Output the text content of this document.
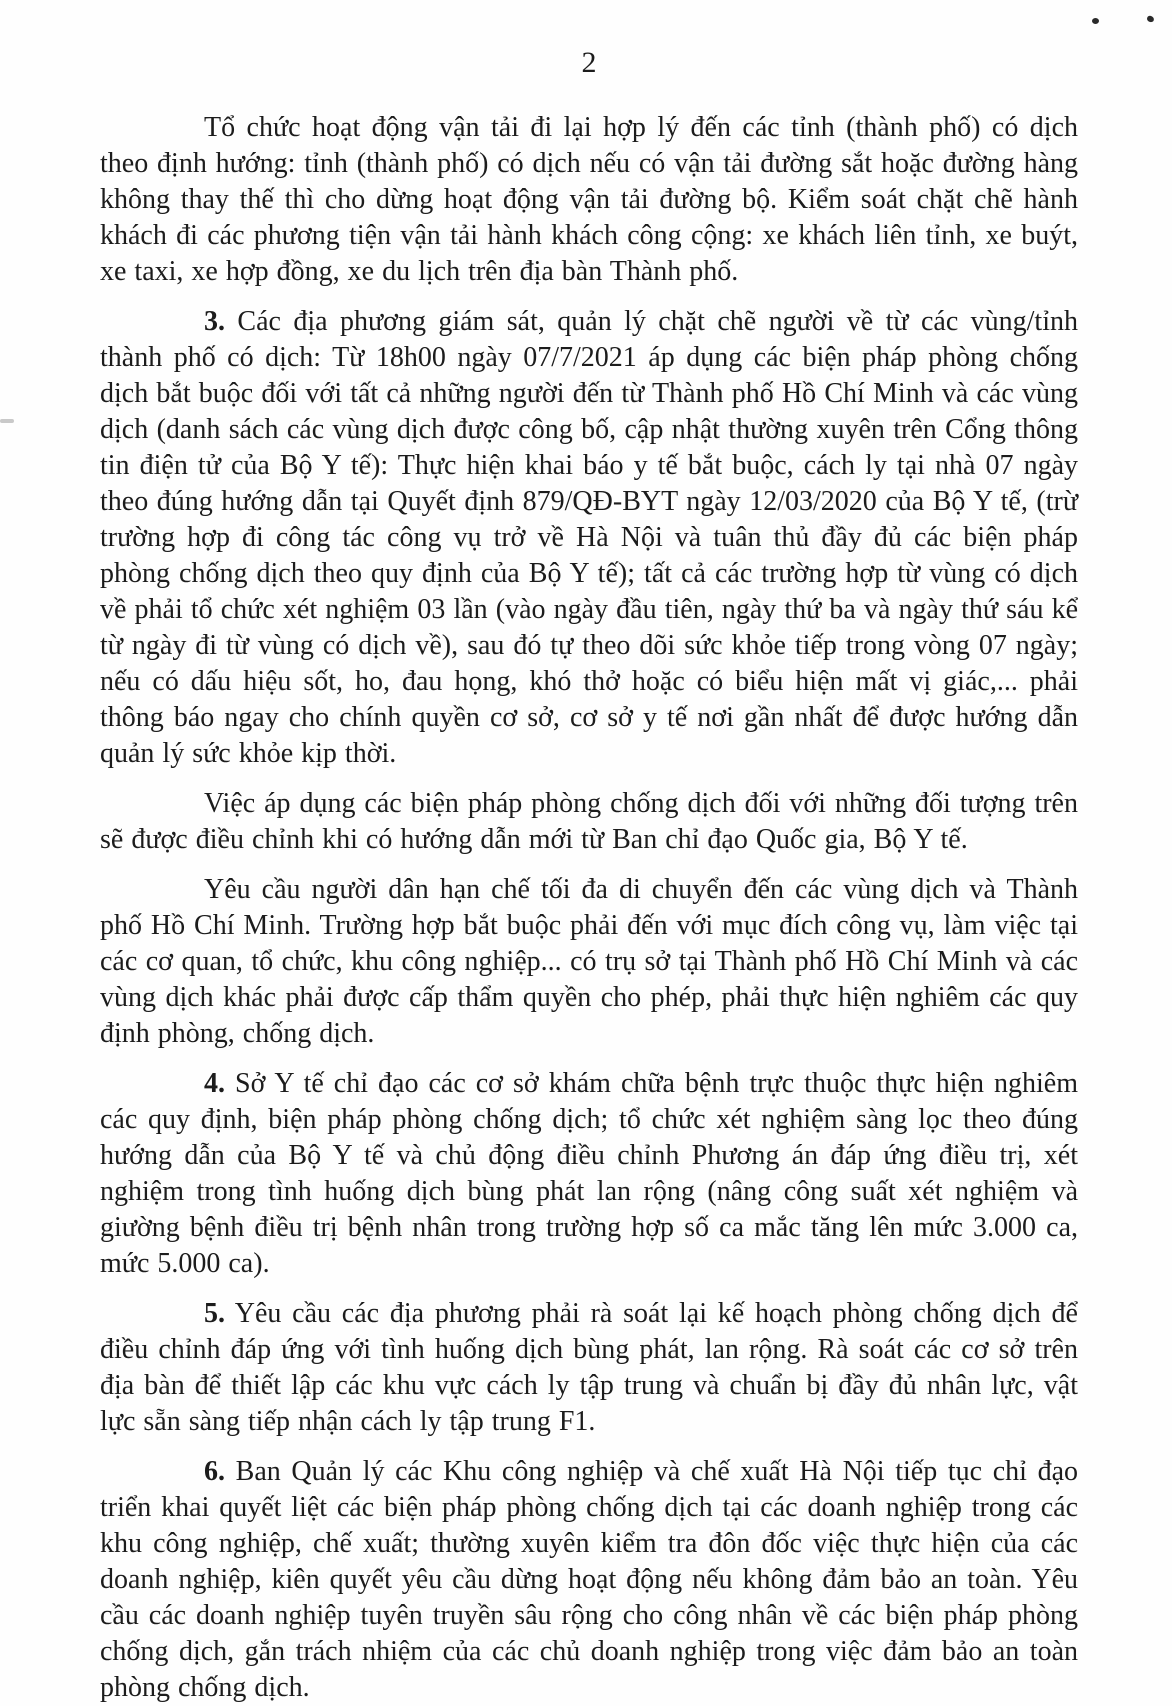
2

Tổ chức hoạt động vận tải đi lại hợp lý đến các tỉnh (thành phố) có dịch theo định hướng: tỉnh (thành phố) có dịch nếu có vận tải đường sắt hoặc đường hàng không thay thế thì cho dừng hoạt động vận tải đường bộ. Kiểm soát chặt chẽ hành khách đi các phương tiện vận tải hành khách công cộng: xe khách liên tỉnh, xe buýt, xe taxi, xe hợp đồng, xe du lịch trên địa bàn Thành phố.

3. Các địa phương giám sát, quản lý chặt chẽ người về từ các vùng/tỉnh thành phố có dịch: Từ 18h00 ngày 07/7/2021 áp dụng các biện pháp phòng chống dịch bắt buộc đối với tất cả những người đến từ Thành phố Hồ Chí Minh và các vùng dịch (danh sách các vùng dịch được công bố, cập nhật thường xuyên trên Cổng thông tin điện tử của Bộ Y tế): Thực hiện khai báo y tế bắt buộc, cách ly tại nhà 07 ngày theo đúng hướng dẫn tại Quyết định 879/QĐ-BYT ngày 12/03/2020 của Bộ Y tế, (trừ trường hợp đi công tác công vụ trở về Hà Nội và tuân thủ đầy đủ các biện pháp phòng chống dịch theo quy định của Bộ Y tế); tất cả các trường hợp từ vùng có dịch về phải tổ chức xét nghiệm 03 lần (vào ngày đầu tiên, ngày thứ ba và ngày thứ sáu kể từ ngày đi từ vùng có dịch về), sau đó tự theo dõi sức khỏe tiếp trong vòng 07 ngày; nếu có dấu hiệu sốt, ho, đau họng, khó thở hoặc có biểu hiện mất vị giác,... phải thông báo ngay cho chính quyền cơ sở, cơ sở y tế nơi gần nhất để được hướng dẫn quản lý sức khỏe kịp thời.

Việc áp dụng các biện pháp phòng chống dịch đối với những đối tượng trên sẽ được điều chỉnh khi có hướng dẫn mới từ Ban chỉ đạo Quốc gia, Bộ Y tế.

Yêu cầu người dân hạn chế tối đa di chuyển đến các vùng dịch và Thành phố Hồ Chí Minh. Trường hợp bắt buộc phải đến với mục đích công vụ, làm việc tại các cơ quan, tổ chức, khu công nghiệp... có trụ sở tại Thành phố Hồ Chí Minh và các vùng dịch khác phải được cấp thẩm quyền cho phép, phải thực hiện nghiêm các quy định phòng, chống dịch.

4. Sở Y tế chỉ đạo các cơ sở khám chữa bệnh trực thuộc thực hiện nghiêm các quy định, biện pháp phòng chống dịch; tổ chức xét nghiệm sàng lọc theo đúng hướng dẫn của Bộ Y tế và chủ động điều chỉnh Phương án đáp ứng điều trị, xét nghiệm trong tình huống dịch bùng phát lan rộng (nâng công suất xét nghiệm và giường bệnh điều trị bệnh nhân trong trường hợp số ca mắc tăng lên mức 3.000 ca, mức 5.000 ca).

5. Yêu cầu các địa phương phải rà soát lại kế hoạch phòng chống dịch để điều chỉnh đáp ứng với tình huống dịch bùng phát, lan rộng. Rà soát các cơ sở trên địa bàn để thiết lập các khu vực cách ly tập trung và chuẩn bị đầy đủ nhân lực, vật lực sẵn sàng tiếp nhận cách ly tập trung F1.

6. Ban Quản lý các Khu công nghiệp và chế xuất Hà Nội tiếp tục chỉ đạo triển khai quyết liệt các biện pháp phòng chống dịch tại các doanh nghiệp trong các khu công nghiệp, chế xuất; thường xuyên kiểm tra đôn đốc việc thực hiện của các doanh nghiệp, kiên quyết yêu cầu dừng hoạt động nếu không đảm bảo an toàn. Yêu cầu các doanh nghiệp tuyên truyền sâu rộng cho công nhân về các biện pháp phòng chống dịch, gắn trách nhiệm của các chủ doanh nghiệp trong việc đảm bảo an toàn phòng chống dịch.
